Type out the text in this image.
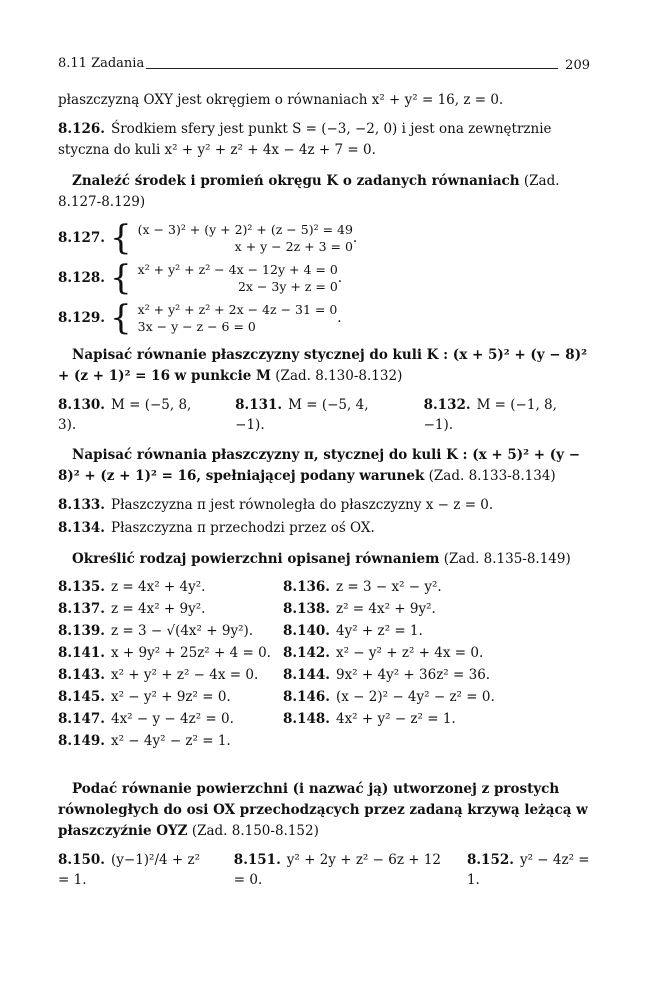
8.11 Zadania	209

płaszczyzną OXY jest okręgiem o równaniach x² + y² = 16, z = 0.

8.126. Środkiem sfery jest punkt S = (−3, −2, 0) i jest ona zewnętrznie styczna do kuli x² + y² + z² + 4x − 4z + 7 = 0.

Znaleźć środek i promień okręgu K o zadanych równaniach (Zad. 8.127-8.129)

8.127. { (x − 3)² + (y + 2)² + (z − 5)² = 49
x + y − 2z + 3 = 0
.
8.128. { x² + y² + z² − 4x − 12y + 4 = 0
2x − 3y + z = 0
.
8.129. { x² + y² + z² + 2x − 4z − 31 = 0
3x − y − z − 6 = 0
.

Napisać równanie płaszczyzny stycznej do kuli K : (x + 5)² + (y − 8)² + (z + 1)² = 16 w punkcie M (Zad. 8.130-8.132)

8.130. M = (−5, 8, 3).
8.131. M = (−5, 4, −1).
8.132. M = (−1, 8, −1).

Napisać równania płaszczyzny π, stycznej do kuli K : (x + 5)² + (y − 8)² + (z + 1)² = 16, spełniającej podany warunek (Zad. 8.133-8.134)

8.133. Płaszczyzna π jest równoległa do płaszczyzny x − z = 0.

8.134. Płaszczyzna π przechodzi przez oś OX.

Określić rodzaj powierzchni opisanej równaniem (Zad. 8.135-8.149)

8.135. z = 4x² + 4y².	8.136. z = 3 − x² − y².
8.137. z = 4x² + 9y².	8.138. z² = 4x² + 9y².
8.139. z = 3 − √(4x² + 9y²).	8.140. 4y² + z² = 1.
8.141. x + 9y² + 25z² + 4 = 0. 8.142. x² − y² + z² + 4x = 0.
8.143. x² + y² + z² − 4x = 0.	8.144. 9x² + 4y² + 36z² = 36.
8.145. x² − y² + 9z² = 0.	8.146. (x − 2)² − 4y² − z² = 0.
8.147. 4x² − y − 4z² = 0.	8.148. 4x² + y² − z² = 1.
8.149. x² − 4y² − z² = 1.

Podać równanie powierzchni (i nazwać ją) utworzonej z prostych równoległych do osi OX przechodzących przez zadaną krzywą leżącą w płaszczyźnie OYZ (Zad. 8.150-8.152)

8.150. (y−1)²/4 + z² = 1.
8.151. y² + 2y + z² − 6z + 12 = 0.
8.152. y² − 4z² = 1.
